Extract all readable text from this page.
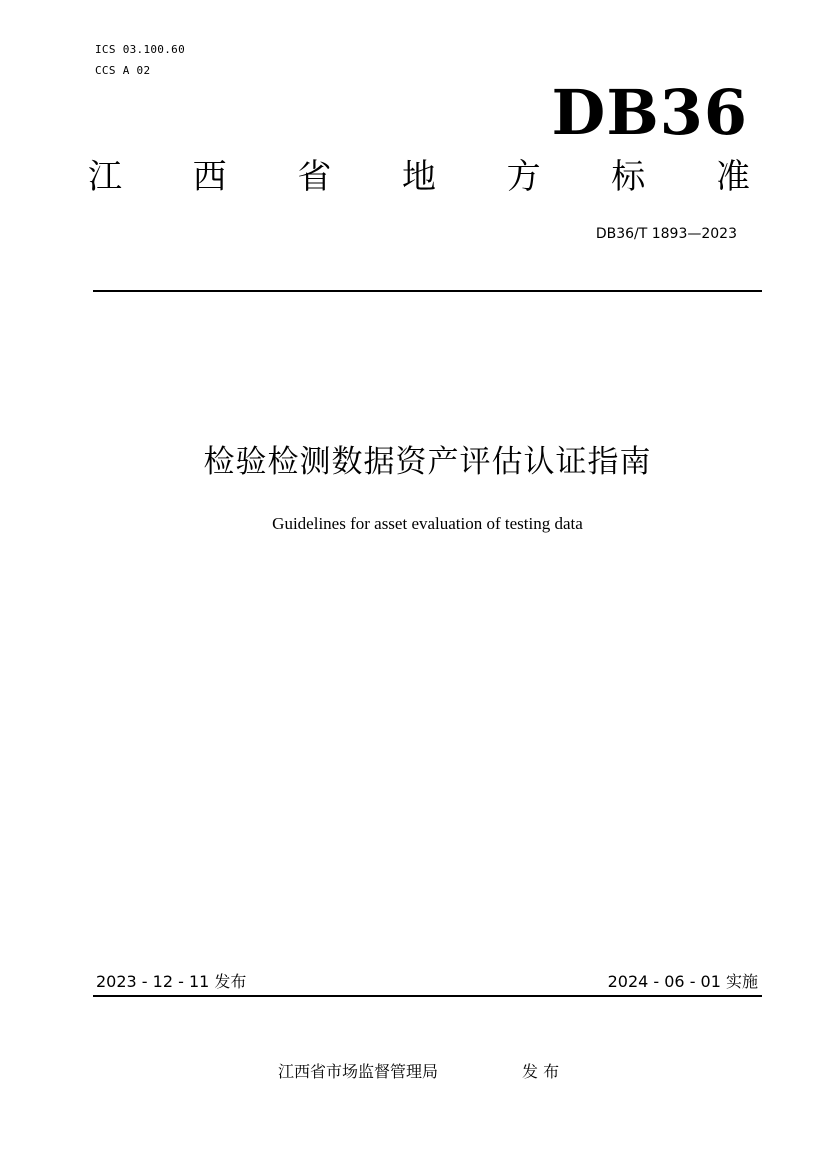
ICS 03.100.60
CCS A 02
DB36
江 西 省 地 方 标 准
DB36/T 1893—2023
检验检测数据资产评估认证指南
Guidelines for asset evaluation of testing data
2023 - 12 - 11 发布	2024 - 06 - 01 实施
江西省市场监督管理局	发 布
